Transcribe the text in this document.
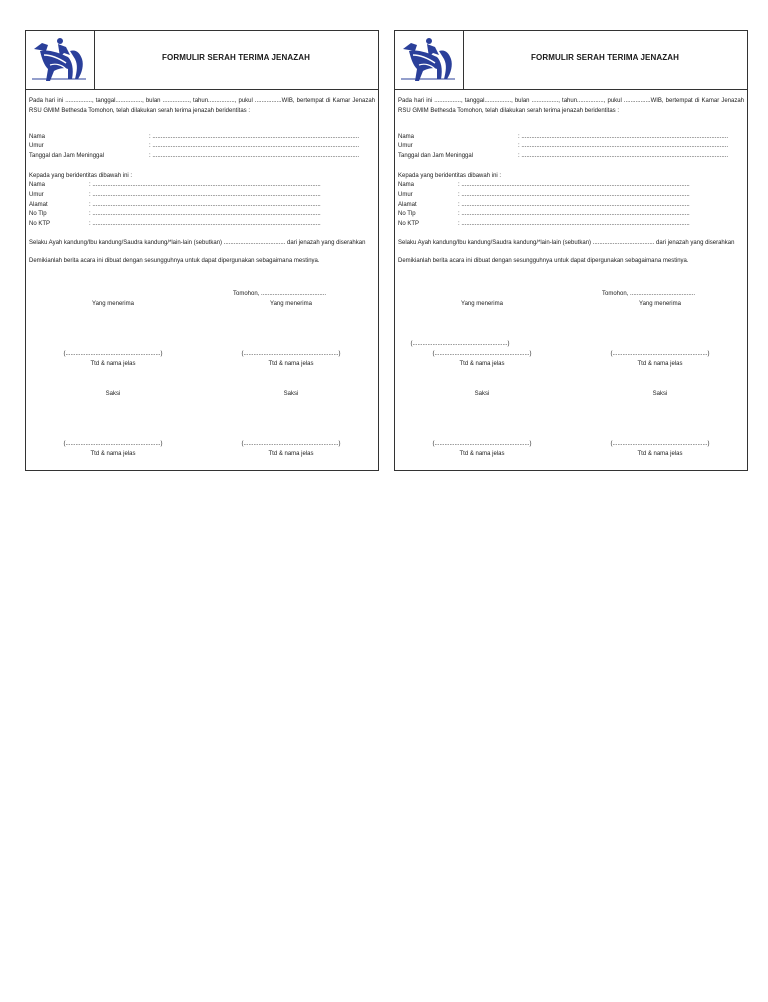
FORMULIR SERAH TERIMA JENAZAH
Pada hari ini ................, tanggal................, bulan ................, tahun................, pukul ................WIB, bertempat di Kamar Jenazah RSU GMIM Bethesda Tomohon, telah dilakukan serah terima jenazah beridentitas :
Nama	: ............................................................................................................................
Umur	: ............................................................................................................................
Tanggal dan Jam Meninggal	: ............................................................................................................................
Kepada yang beridentitas dibawah ini :
Nama	: .........................................................................................................................................
Umur	: .........................................................................................................................................
Alamat	: .........................................................................................................................................
No Tlp	: .........................................................................................................................................
No KTP	: .........................................................................................................................................
Selaku Ayah kandung/Ibu kandung/Saudra kandung/*lain-lain (sebutkan) ..................................... dari jenazah yang diserahkan
Demikianlah berita acara ini dibuat dengan sesungguhnya untuk dapat dipergunakan sebagaimana mestinya.
Tomohon, .......................................
Yang menerima	Yang menerima
(.........................................................)	(.........................................................)
Ttd & nama jelas	Ttd & nama jelas
Saksi	Saksi
(.........................................................)	(.........................................................)
Ttd & nama jelas	Ttd & nama jelas
FORMULIR SERAH TERIMA JENAZAH
Pada hari ini ................, tanggal................, bulan ................, tahun................, pukul ................WIB, bertempat di Kamar Jenazah RSU GMIM Bethesda Tomohon, telah dilakukan serah terima jenazah beridentitas :
Nama	: ............................................................................................................................
Umur	: ............................................................................................................................
Tanggal dan Jam Meninggal	: ............................................................................................................................
Kepada yang beridentitas dibawah ini :
Nama	: .........................................................................................................................................
Umur	: .........................................................................................................................................
Alamat	: .........................................................................................................................................
No Tlp	: .........................................................................................................................................
No KTP	: .........................................................................................................................................
Selaku Ayah kandung/Ibu kandung/Saudra kandung/*lain-lain (sebutkan) ..................................... dari jenazah yang diserahkan
Demikianlah berita acara ini dibuat dengan sesungguhnya untuk dapat dipergunakan sebagaimana mestinya.
Tomohon, .......................................
Yang menerima	Yang menerima
(.........................................................)
(.........................................................)	(.........................................................)
Ttd & nama jelas	Ttd & nama jelas
Saksi	Saksi
(.........................................................)	(.........................................................)
Ttd & nama jelas	Ttd & nama jelas
